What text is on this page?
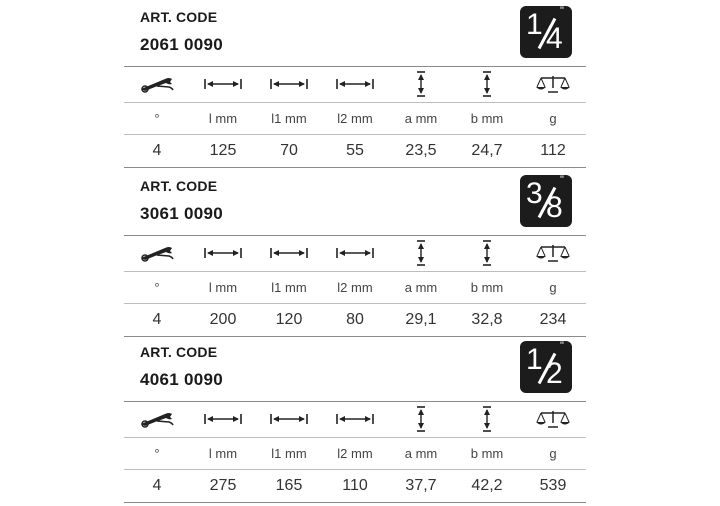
ART. CODE
2061 0090
1 4
"
°	l mm	l1 mm	l2 mm	a mm	b mm	g
4	125	70	55	23,5	24,7	112
ART. CODE
3061 0090
3 8
"
°	l mm	l1 mm	l2 mm	a mm	b mm	g
4	200	120	80	29,1	32,8	234
ART. CODE
4061 0090
1 2
"
°	l mm	l1 mm	l2 mm	a mm	b mm	g
4	275	165	110	37,7	42,2	539
